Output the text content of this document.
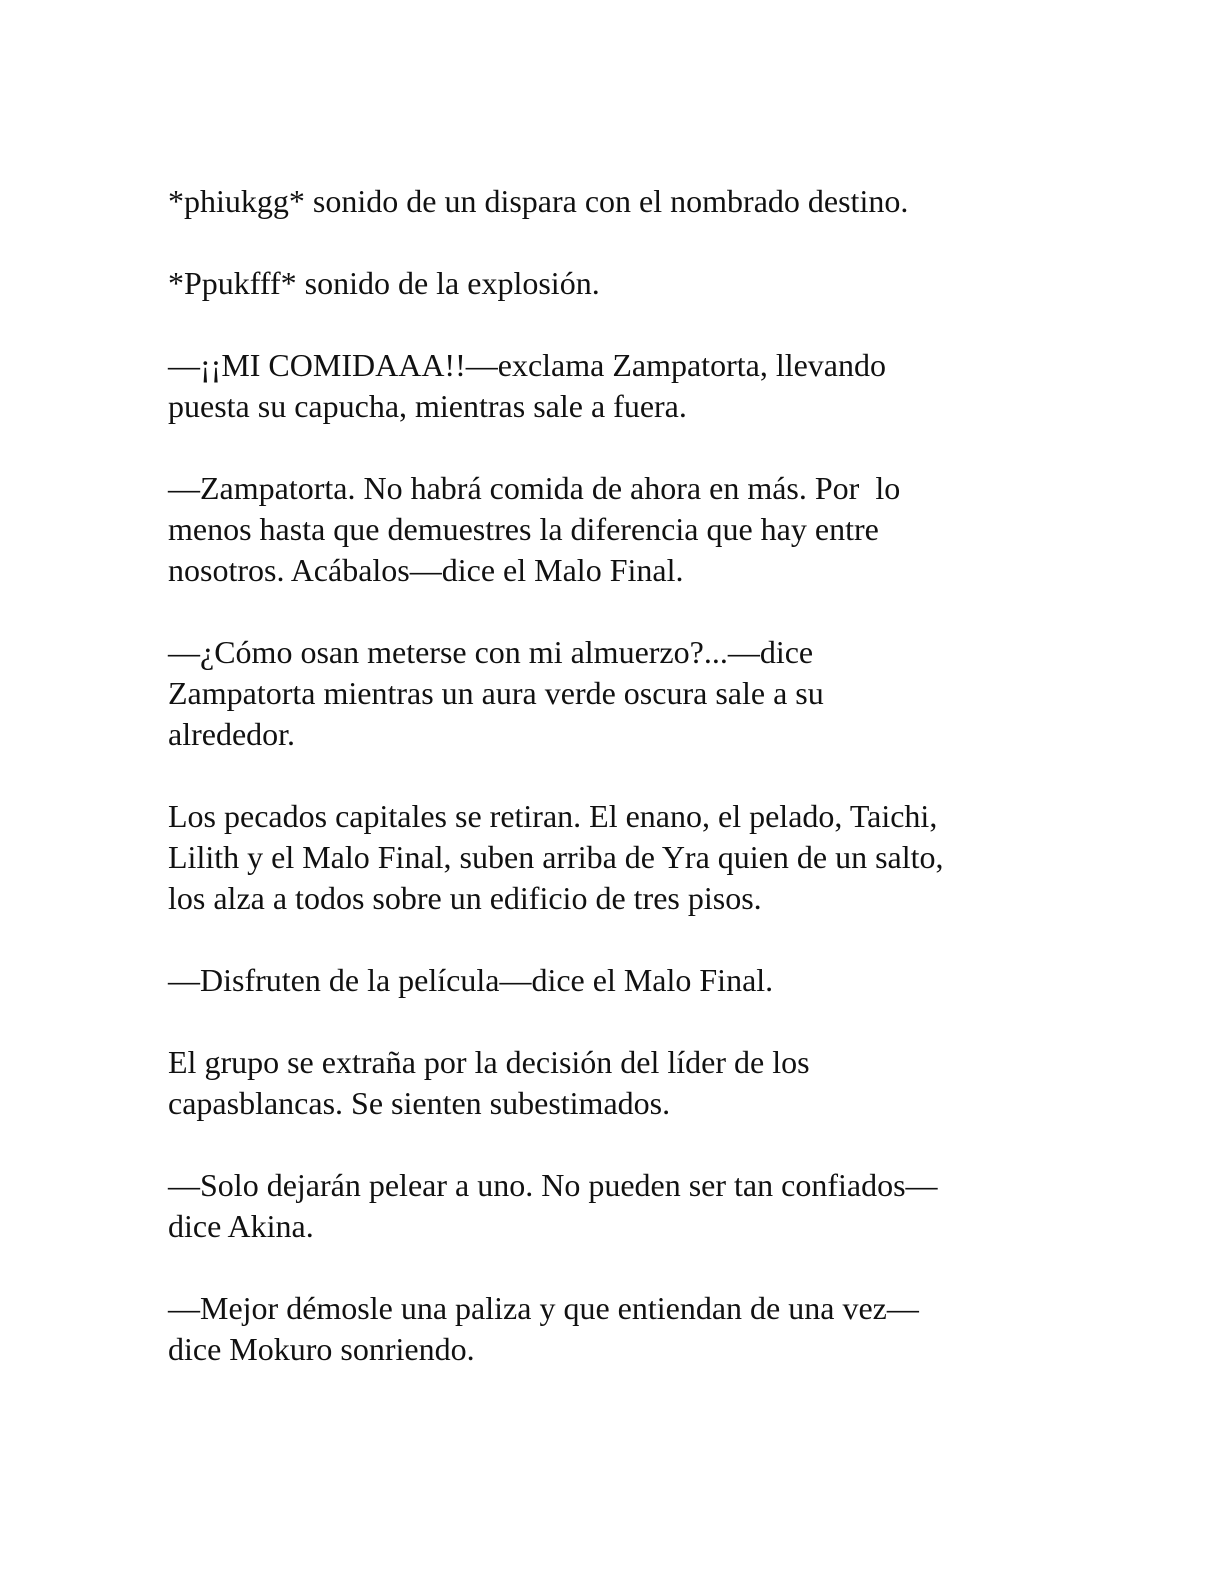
*phiukgg* sonido de un dispara con el nombrado destino.

*Ppukfff* sonido de la explosión.

—¡¡MI COMIDAAA!!—exclama Zampatorta, llevando
puesta su capucha, mientras sale a fuera.

—Zampatorta. No habrá comida de ahora en más. Por  lo
menos hasta que demuestres la diferencia que hay entre
nosotros. Acábalos—dice el Malo Final.

—¿Cómo osan meterse con mi almuerzo?...—dice
Zampatorta mientras un aura verde oscura sale a su
alrededor.

Los pecados capitales se retiran. El enano, el pelado, Taichi,
Lilith y el Malo Final, suben arriba de Yra quien de un salto,
los alza a todos sobre un edificio de tres pisos.

—Disfruten de la película—dice el Malo Final.

El grupo se extraña por la decisión del líder de los
capasblancas. Se sienten subestimados.

—Solo dejarán pelear a uno. No pueden ser tan confiados—
dice Akina.

—Mejor démosle una paliza y que entiendan de una vez—
dice Mokuro sonriendo.
